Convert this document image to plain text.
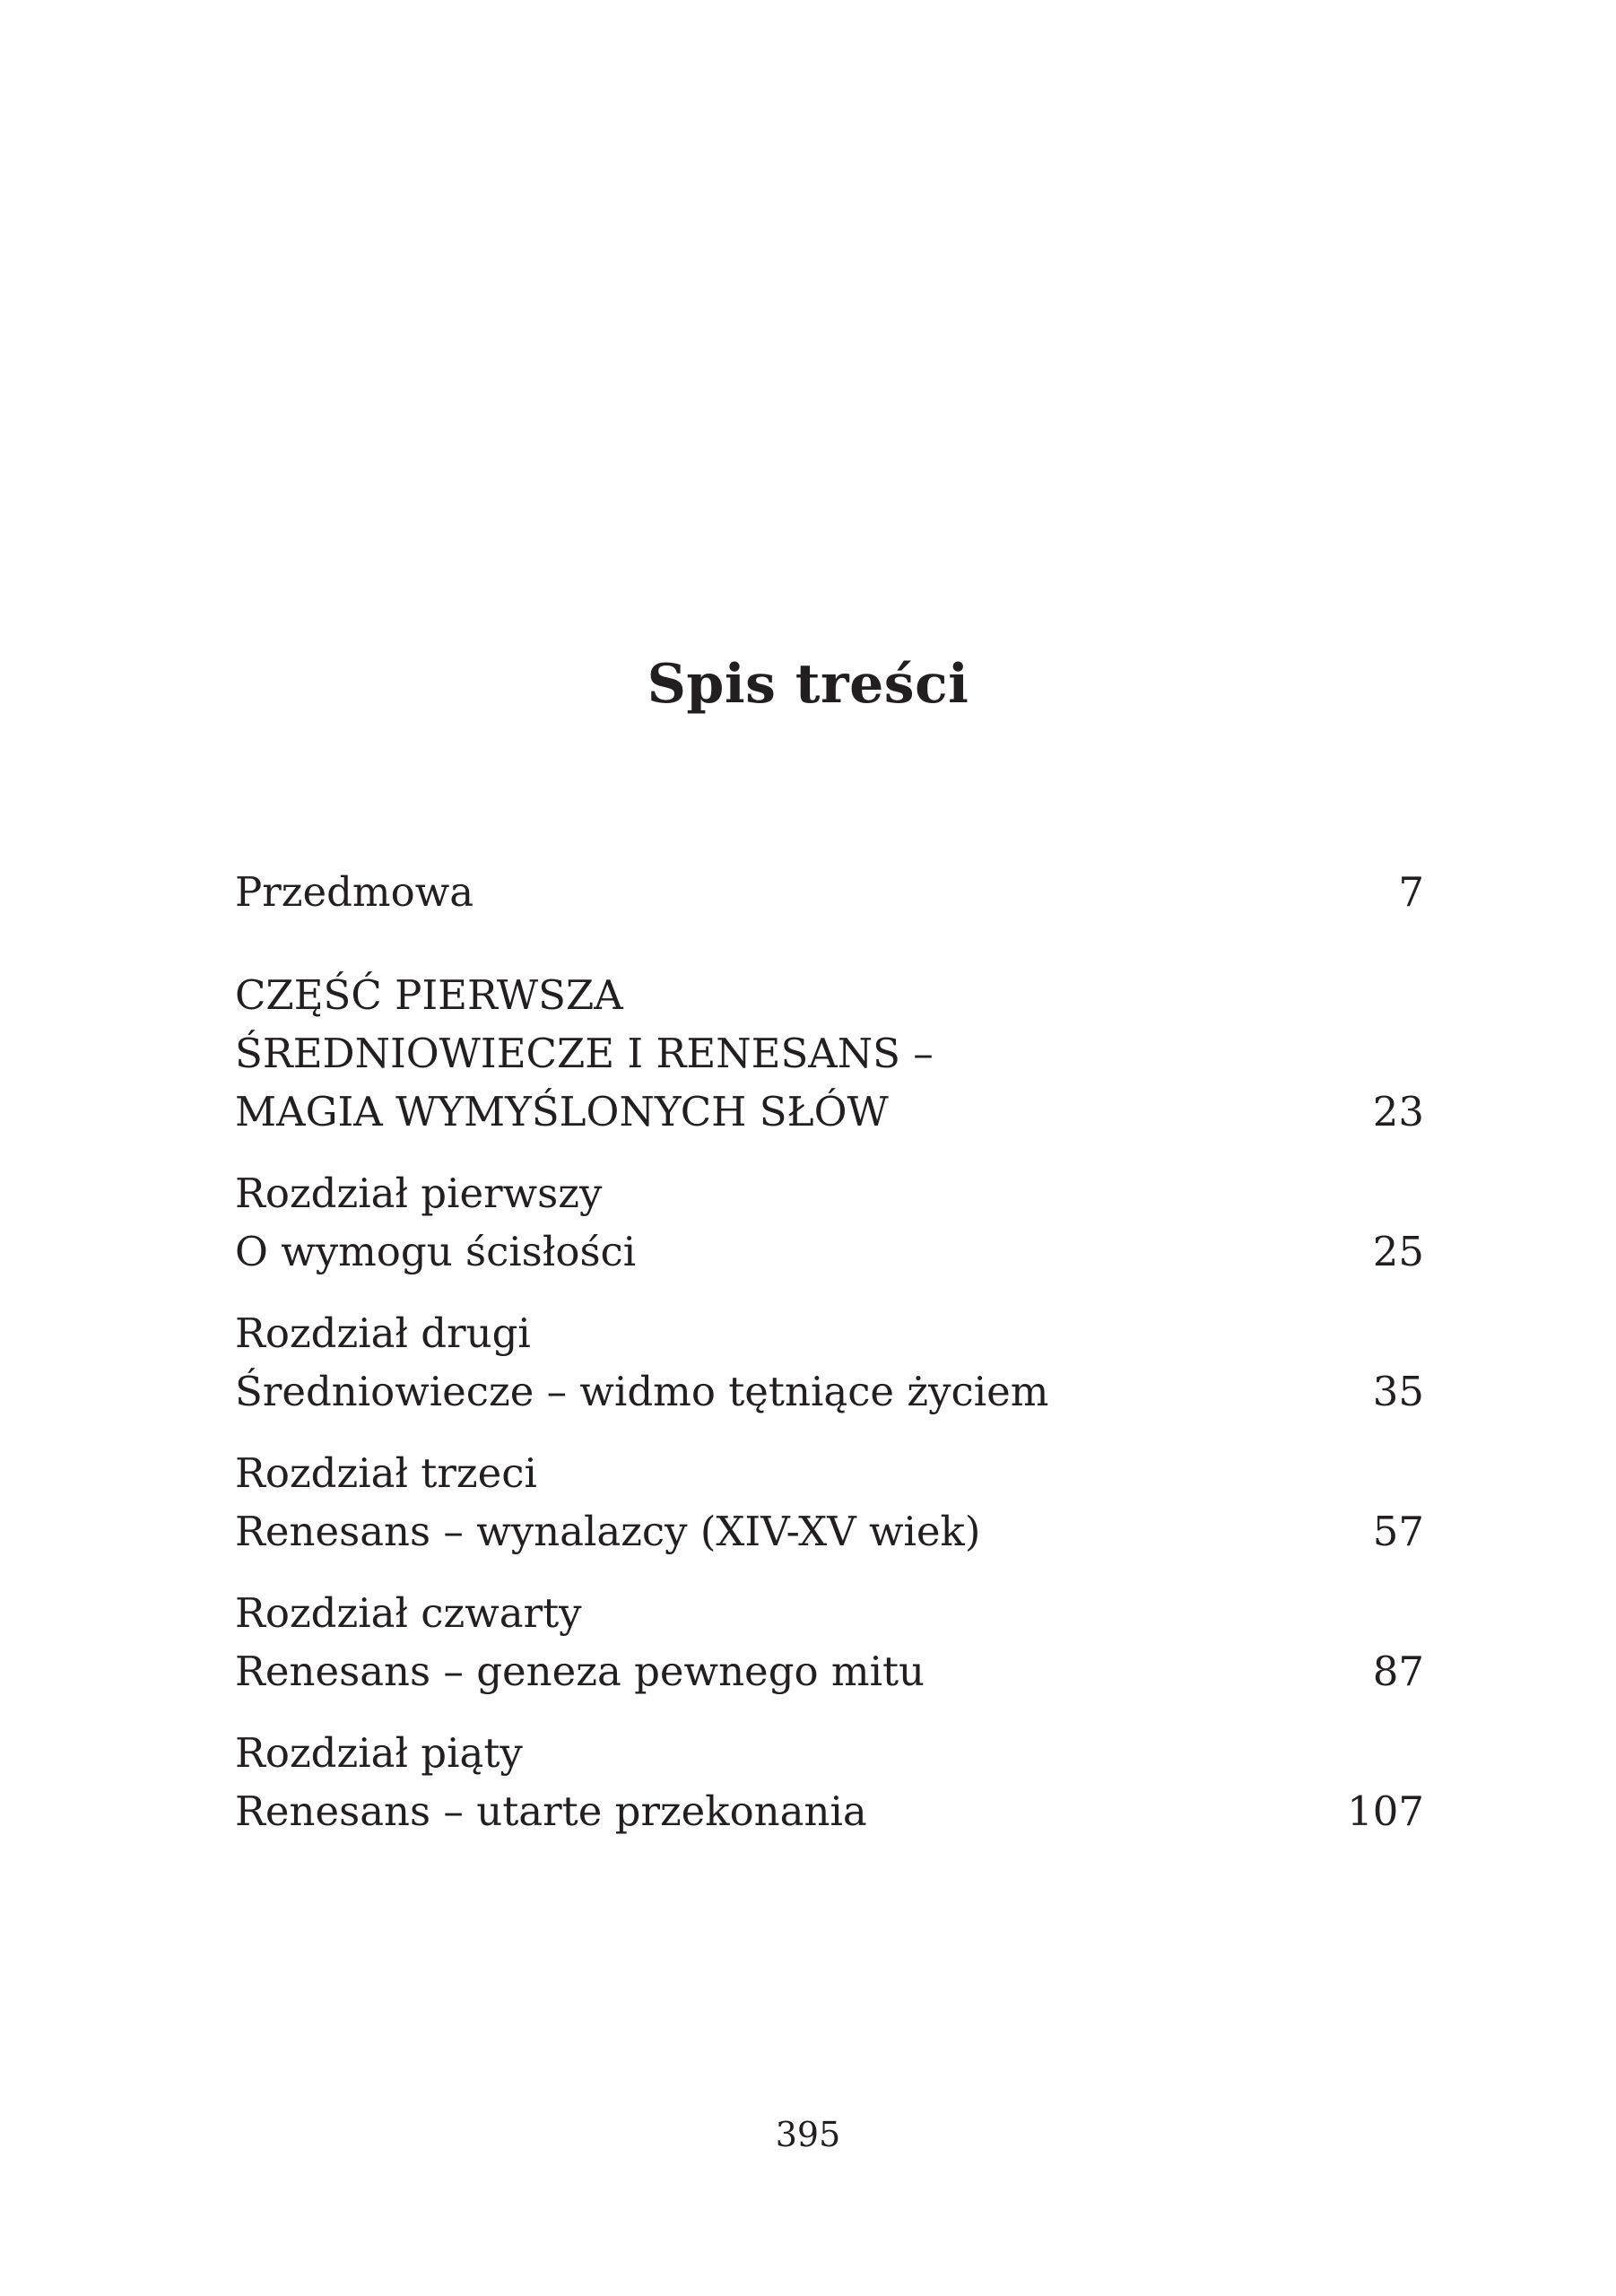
Spis treści
Przedmowa	7
CZĘŚĆ PIERWSZA
ŚREDNIOWIECZE I RENESANS –
MAGIA WYMYŚLONYCH SŁÓW	23
Rozdział pierwszy
O wymogu ścisłości	25
Rozdział drugi
Średniowiecze – widmo tętniące życiem	35
Rozdział trzeci
Renesans – wynalazcy (XIV-XV wiek)	57
Rozdział czwarty
Renesans – geneza pewnego mitu	87
Rozdział piąty
Renesans – utarte przekonania	107
395
